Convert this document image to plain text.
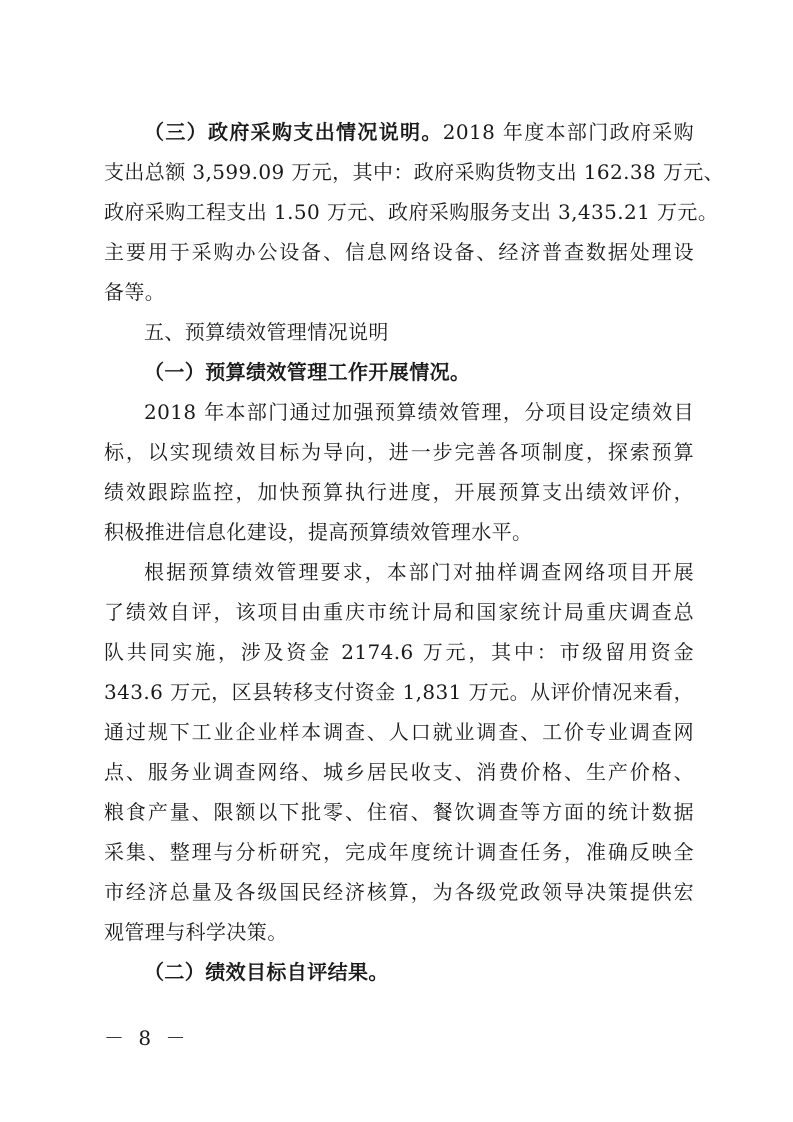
（三）政府采购支出情况说明。2018 年度本部门政府采购
支出总额 3,599.09 万元，其中：政府采购货物支出 162.38 万元、
政府采购工程支出 1.50 万元、政府采购服务支出 3,435.21 万元。
主要用于采购办公设备、信息网络设备、经济普查数据处理设
备等。
五、预算绩效管理情况说明
（一）预算绩效管理工作开展情况。
2018 年本部门通过加强预算绩效管理，分项目设定绩效目
标，以实现绩效目标为导向，进一步完善各项制度，探索预算
绩效跟踪监控，加快预算执行进度，开展预算支出绩效评价，
积极推进信息化建设，提高预算绩效管理水平。
根据预算绩效管理要求，本部门对抽样调查网络项目开展
了绩效自评，该项目由重庆市统计局和国家统计局重庆调查总
队共同实施，涉及资金 2174.6 万元，其中：市级留用资金
343.6 万元，区县转移支付资金 1,831 万元。从评价情况来看，
通过规下工业企业样本调查、人口就业调查、工价专业调查网
点、服务业调查网络、城乡居民收支、消费价格、生产价格、
粮食产量、限额以下批零、住宿、餐饮调查等方面的统计数据
采集、整理与分析研究，完成年度统计调查任务，准确反映全
市经济总量及各级国民经济核算，为各级党政领导决策提供宏
观管理与科学决策。
（二）绩效目标自评结果。
－ 8 －
